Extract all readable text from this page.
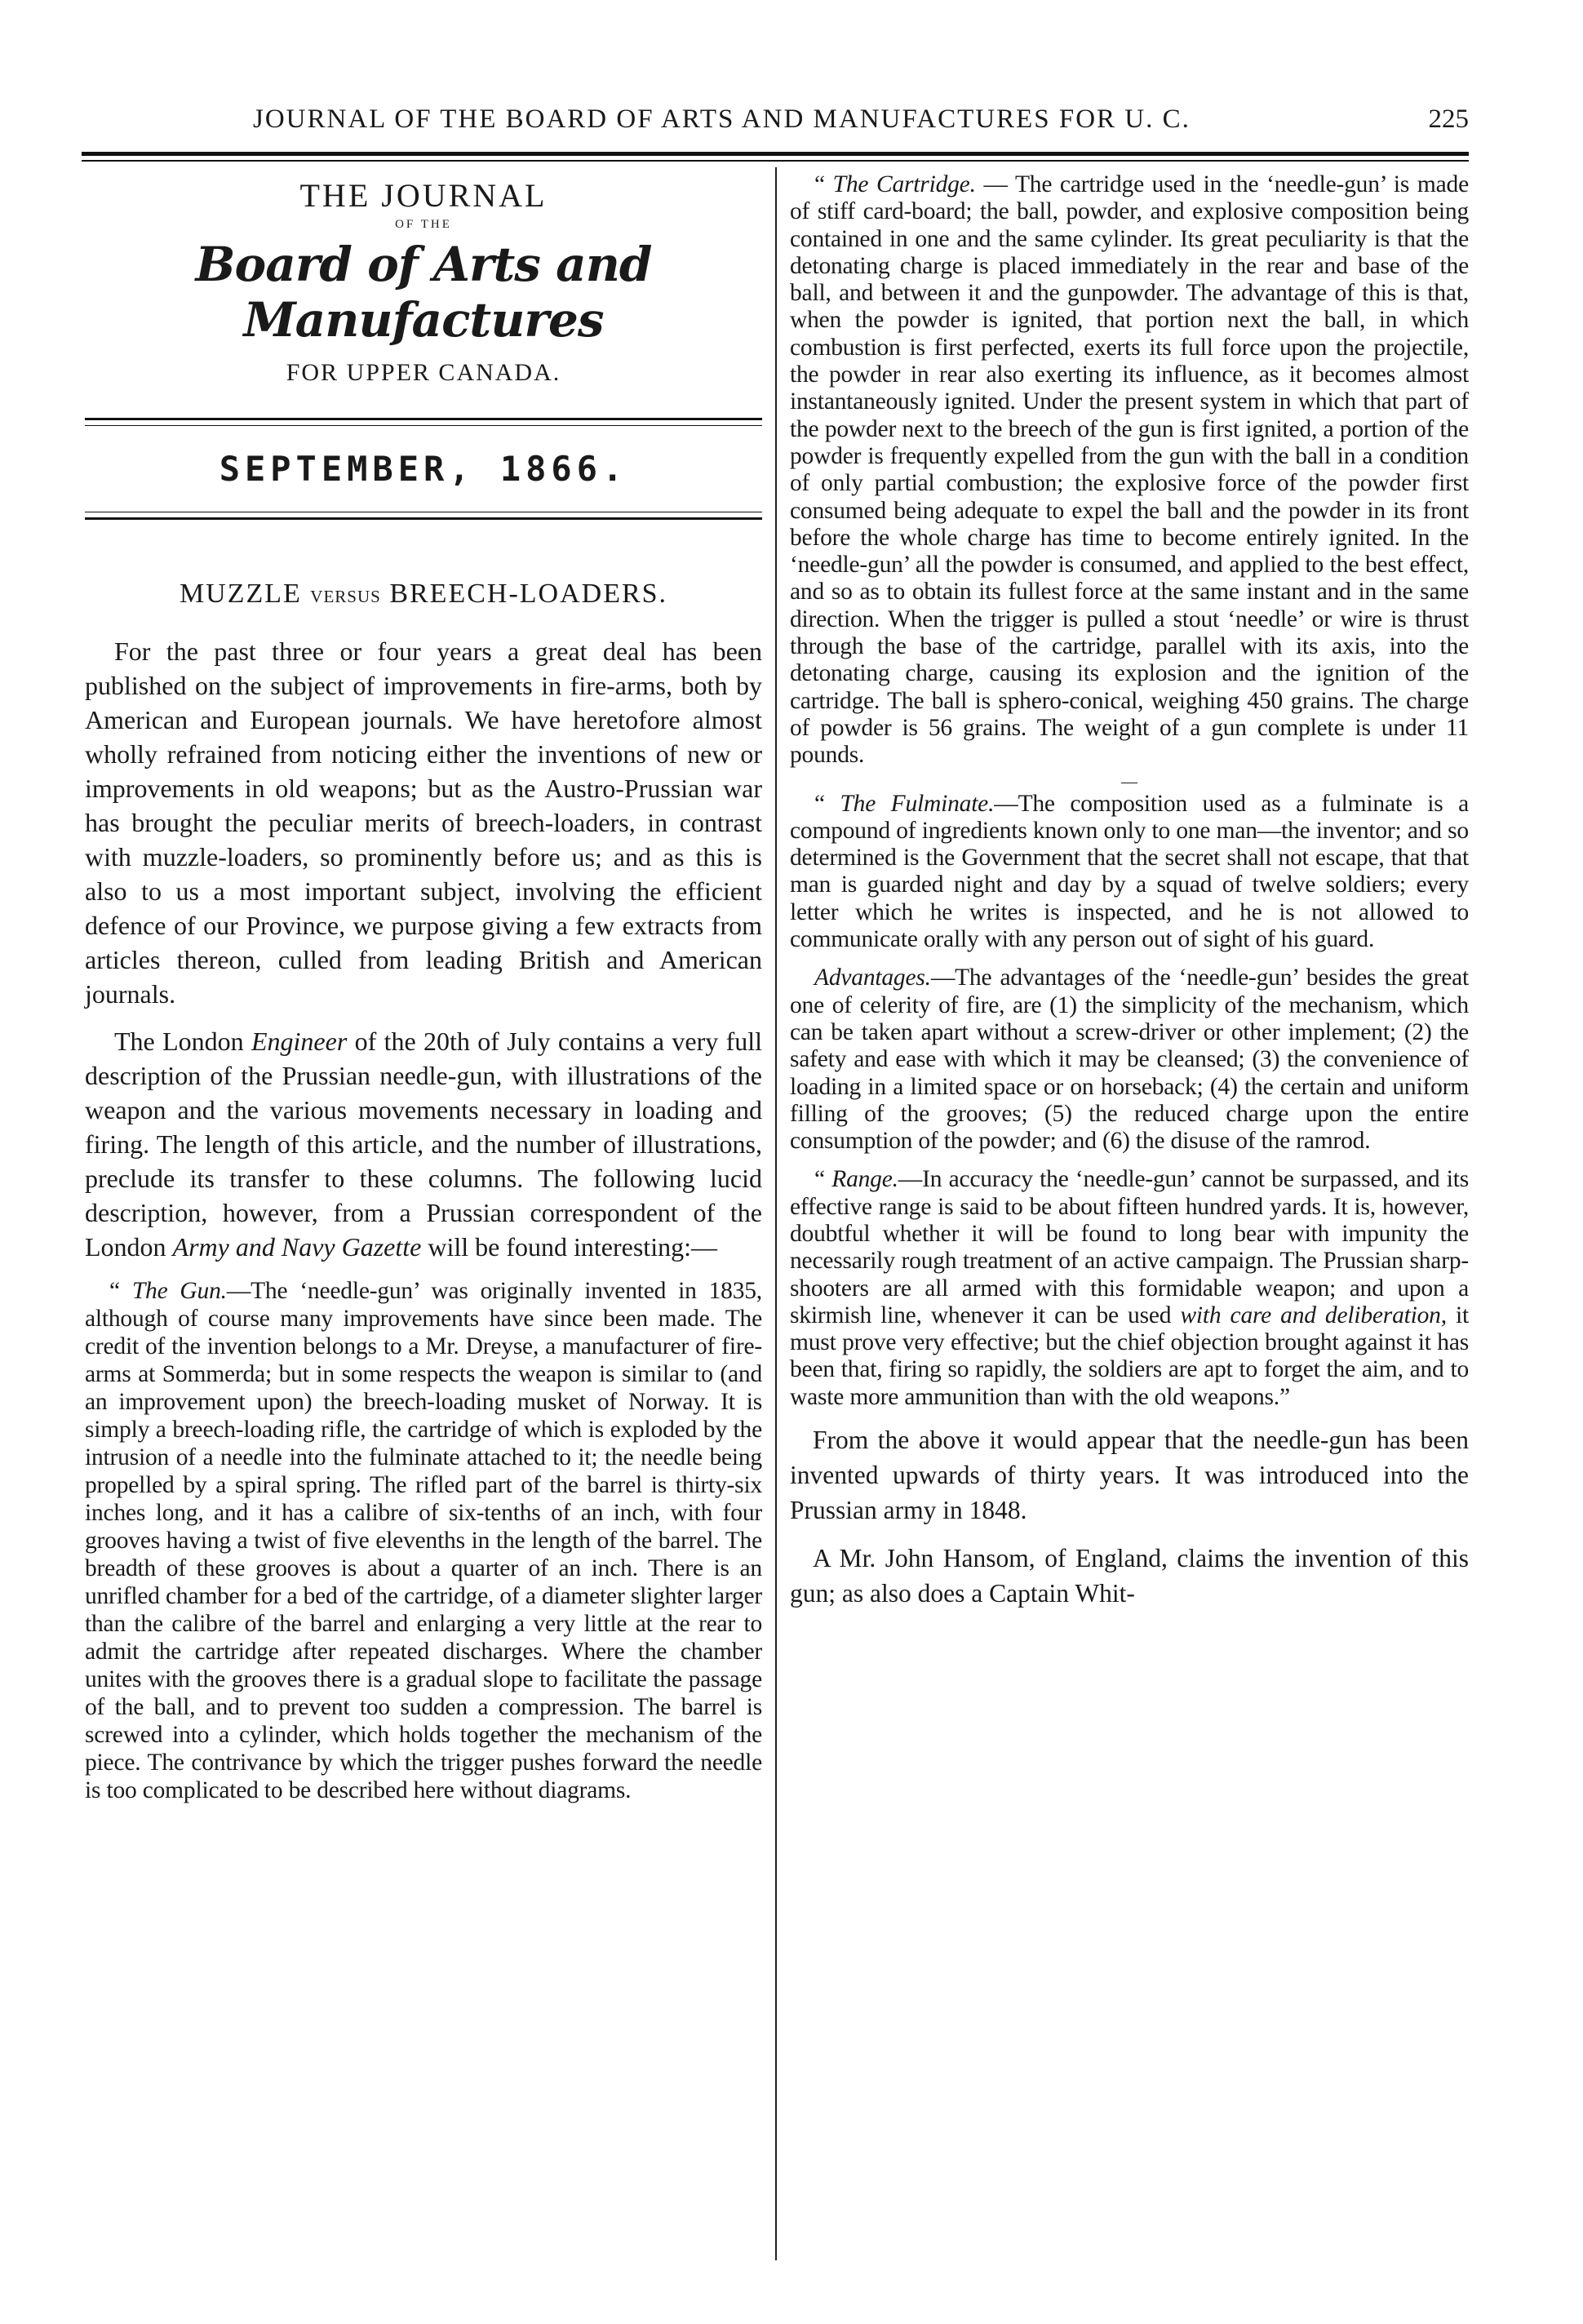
JOURNAL OF THE BOARD OF ARTS AND MANUFACTURES FOR U. C.	225
THE JOURNAL
OF THE
Board of Arts and Manufactures
FOR UPPER CANADA.
SEPTEMBER, 1866.
MUZZLE VERSUS BREECH-LOADERS.

For the past three or four years a great deal has been published on the subject of improvements in fire-arms, both by American and European journals. We have heretofore almost wholly refrained from noticing either the inventions of new or improvements in old weapons; but as the Austro-Prussian war has brought the peculiar merits of breech-loaders, in contrast with muzzle-loaders, so prominently before us; and as this is also to us a most important subject, involving the efficient defence of our Province, we purpose giving a few extracts from articles thereon, culled from leading British and American journals.

The London Engineer of the 20th of July contains a very full description of the Prussian needle-gun, with illustrations of the weapon and the various movements necessary in loading and firing. The length of this article, and the number of illustrations, preclude its transfer to these columns. The following lucid description, however, from a Prussian correspondent of the London Army and Navy Gazette will be found interesting:—

“ The Gun.—The ‘needle-gun’ was originally invented in 1835, although of course many improvements have since been made. The credit of the invention belongs to a Mr. Dreyse, a manufacturer of fire-arms at Sommerda; but in some respects the weapon is similar to (and an improvement upon) the breech-loading musket of Norway. It is simply a breech-loading rifle, the cartridge of which is exploded by the intrusion of a needle into the fulminate attached to it; the needle being propelled by a spiral spring. The rifled part of the barrel is thirty-six inches long, and it has a calibre of six-tenths of an inch, with four grooves having a twist of five elevenths in the length of the barrel. The breadth of these grooves is about a quarter of an inch. There is an unrifled chamber for a bed of the cartridge, of a diameter slighter larger than the calibre of the barrel and enlarging a very little at the rear to admit the cartridge after repeated discharges. Where the chamber unites with the grooves there is a gradual slope to facilitate the passage of the ball, and to prevent too sudden a compression. The barrel is screwed into a cylinder, which holds together the mechanism of the piece. The contrivance by which the trigger pushes forward the needle is too complicated to be described here without diagrams.

“ The Cartridge. — The cartridge used in the ‘needle-gun’ is made of stiff card-board; the ball, powder, and explosive composition being contained in one and the same cylinder. Its great peculiarity is that the detonating charge is placed immediately in the rear and base of the ball, and between it and the gunpowder. The advantage of this is that, when the powder is ignited, that portion next the ball, in which combustion is first perfected, exerts its full force upon the projectile, the powder in rear also exerting its influence, as it becomes almost instantaneously ignited. Under the present system in which that part of the powder next to the breech of the gun is first ignited, a portion of the powder is frequently expelled from the gun with the ball in a condition of only partial combustion; the explosive force of the powder first consumed being adequate to expel the ball and the powder in its front before the whole charge has time to become entirely ignited. In the ‘needle-gun’ all the powder is consumed, and applied to the best effect, and so as to obtain its fullest force at the same instant and in the same direction. When the trigger is pulled a stout ‘needle’ or wire is thrust through the base of the cartridge, parallel with its axis, into the detonating charge, causing its explosion and the ignition of the cartridge. The ball is sphero-conical, weighing 450 grains. The charge of powder is 56 grains. The weight of a gun complete is under 11 pounds.

—

“ The Fulminate.—The composition used as a fulminate is a compound of ingredients known only to one man—the inventor; and so determined is the Government that the secret shall not escape, that that man is guarded night and day by a squad of twelve soldiers; every letter which he writes is inspected, and he is not allowed to communicate orally with any person out of sight of his guard.

Advantages.—The advantages of the ‘needle-gun’ besides the great one of celerity of fire, are (1) the simplicity of the mechanism, which can be taken apart without a screw-driver or other implement; (2) the safety and ease with which it may be cleansed; (3) the convenience of loading in a limited space or on horseback; (4) the certain and uniform filling of the grooves; (5) the reduced charge upon the entire consumption of the powder; and (6) the disuse of the ramrod.

“ Range.—In accuracy the ‘needle-gun’ cannot be surpassed, and its effective range is said to be about fifteen hundred yards. It is, however, doubtful whether it will be found to long bear with impunity the necessarily rough treatment of an active campaign. The Prussian sharp-shooters are all armed with this formidable weapon; and upon a skirmish line, whenever it can be used with care and deliberation, it must prove very effective; but the chief objection brought against it has been that, firing so rapidly, the soldiers are apt to forget the aim, and to waste more ammunition than with the old weapons.”

From the above it would appear that the needle-gun has been invented upwards of thirty years. It was introduced into the Prussian army in 1848.

A Mr. John Hansom, of England, claims the invention of this gun; as also does a Captain Whit-
